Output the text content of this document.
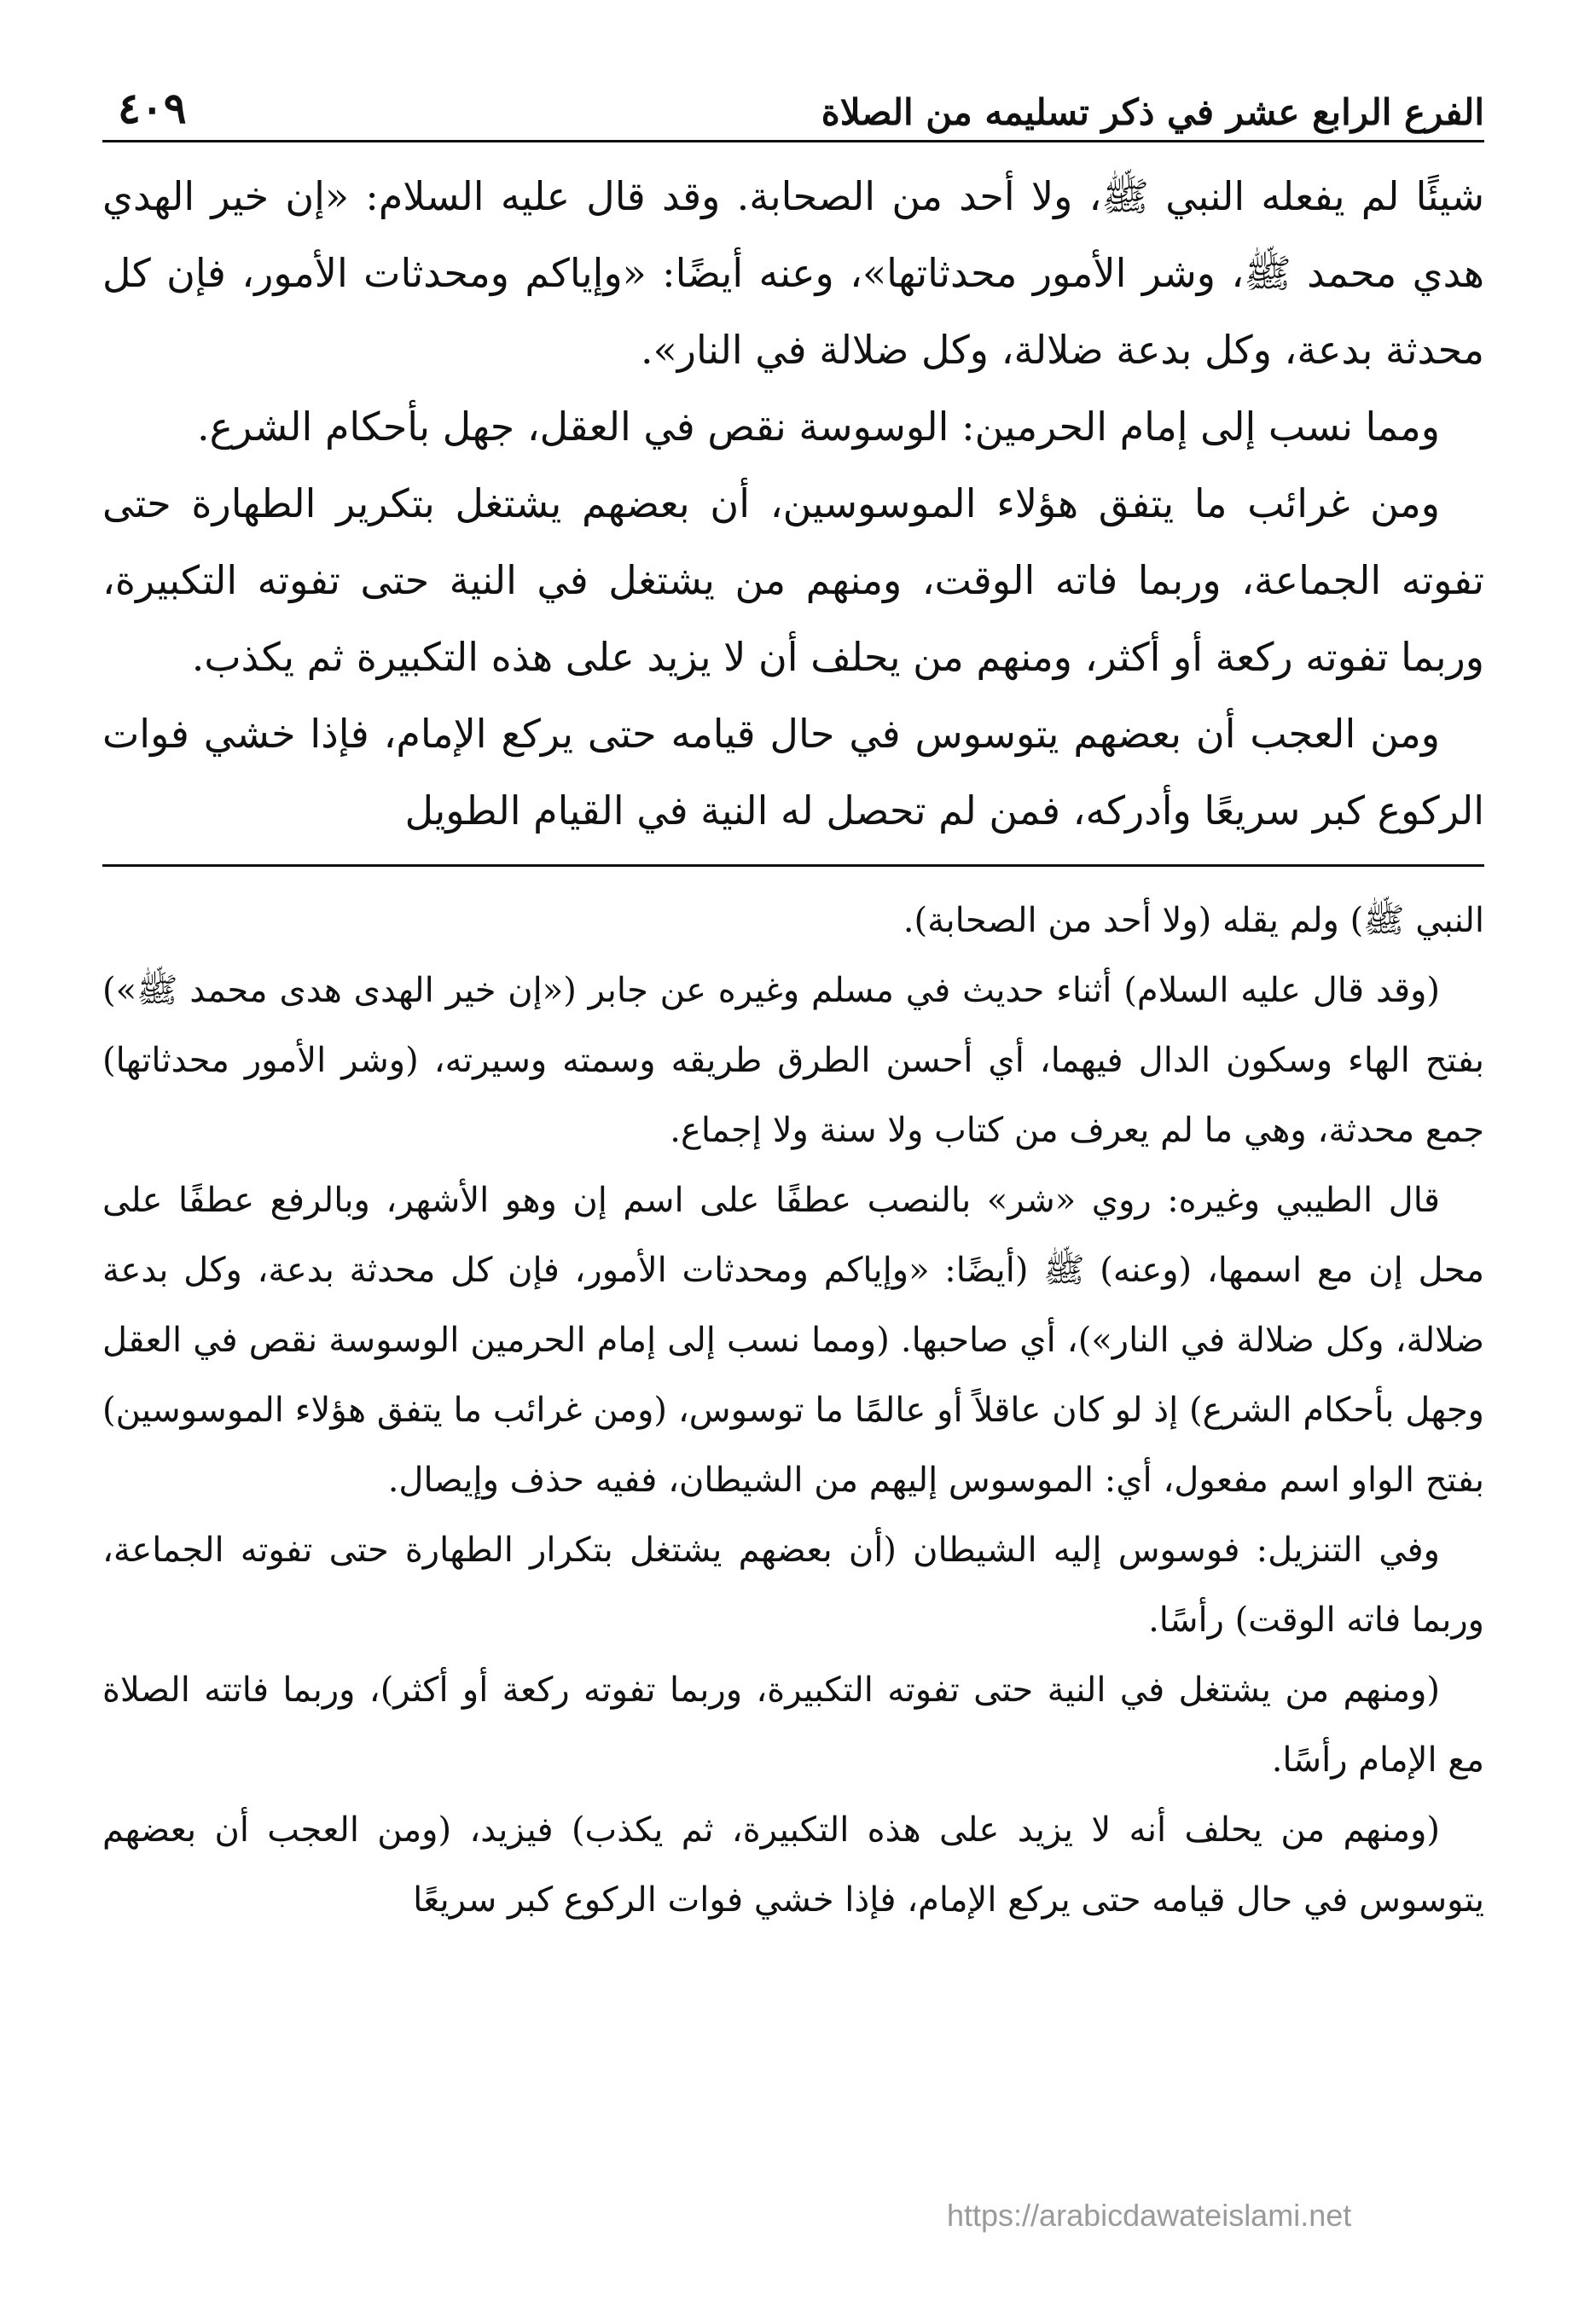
الفرع الرابع عشر في ذكر تسليمه من الصلاة
٤٠٩

شيئًا لم يفعله النبي ﷺ، ولا أحد من الصحابة. وقد قال عليه السلام: «إن خير الهدي هدي محمد ﷺ، وشر الأمور محدثاتها»، وعنه أيضًا: «وإياكم ومحدثات الأمور، فإن كل محدثة بدعة، وكل بدعة ضلالة، وكل ضلالة في النار».

ومما نسب إلى إمام الحرمين: الوسوسة نقص في العقل، جهل بأحكام الشرع.

ومن غرائب ما يتفق هؤلاء الموسوسين، أن بعضهم يشتغل بتكرير الطهارة حتى تفوته الجماعة، وربما فاته الوقت، ومنهم من يشتغل في النية حتى تفوته التكبيرة، وربما تفوته ركعة أو أكثر، ومنهم من يحلف أن لا يزيد على هذه التكبيرة ثم يكذب.

ومن العجب أن بعضهم يتوسوس في حال قيامه حتى يركع الإمام، فإذا خشي فوات الركوع كبر سريعًا وأدركه، فمن لم تحصل له النية في القيام الطويل

النبي ﷺ) ولم يقله (ولا أحد من الصحابة).

(وقد قال عليه السلام) أثناء حديث في مسلم وغيره عن جابر («إن خير الهدى هدى محمد ﷺ») بفتح الهاء وسكون الدال فيهما، أي أحسن الطرق طريقه وسمته وسيرته، (وشر الأمور محدثاتها) جمع محدثة، وهي ما لم يعرف من كتاب ولا سنة ولا إجماع.

قال الطيبي وغيره: روي «شر» بالنصب عطفًا على اسم إن وهو الأشهر، وبالرفع عطفًا على محل إن مع اسمها، (وعنه) ﷺ (أيضًا: «وإياكم ومحدثات الأمور، فإن كل محدثة بدعة، وكل بدعة ضلالة، وكل ضلالة في النار»)، أي صاحبها. (ومما نسب إلى إمام الحرمين الوسوسة نقص في العقل وجهل بأحكام الشرع) إذ لو كان عاقلاً أو عالمًا ما توسوس، (ومن غرائب ما يتفق هؤلاء الموسوسين) بفتح الواو اسم مفعول، أي: الموسوس إليهم من الشيطان، ففيه حذف وإيصال.

وفي التنزيل: فوسوس إليه الشيطان (أن بعضهم يشتغل بتكرار الطهارة حتى تفوته الجماعة، وربما فاته الوقت) رأسًا.

(ومنهم من يشتغل في النية حتى تفوته التكبيرة، وربما تفوته ركعة أو أكثر)، وربما فاتته الصلاة مع الإمام رأسًا.

(ومنهم من يحلف أنه لا يزيد على هذه التكبيرة، ثم يكذب) فيزيد، (ومن العجب أن بعضهم يتوسوس في حال قيامه حتى يركع الإمام، فإذا خشي فوات الركوع كبر سريعًا

https://arabicdawateislami.net
